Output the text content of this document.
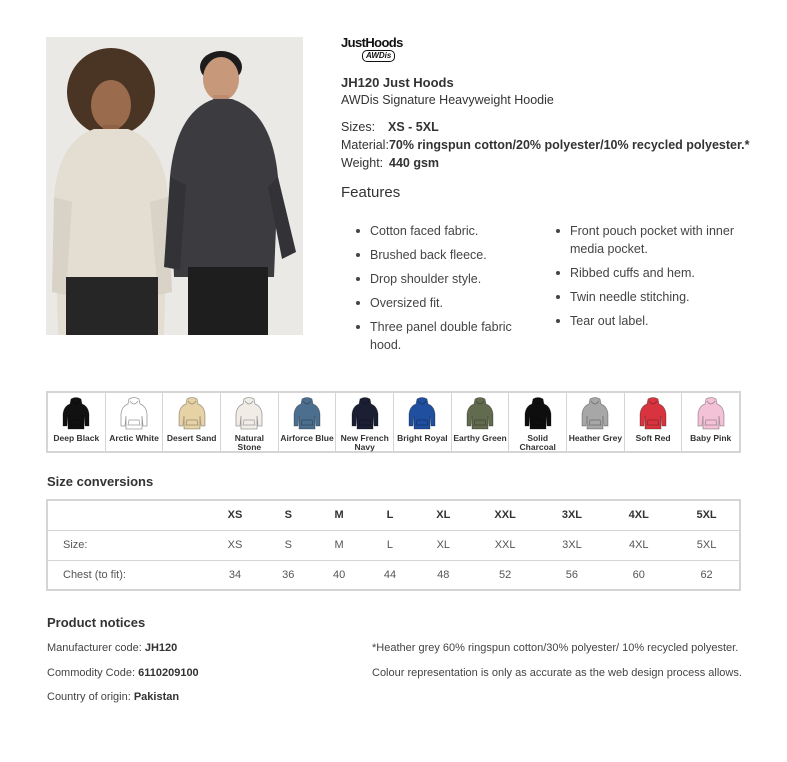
JustHoods
AWDis
JH120 Just Hoods
AWDis Signature Heavyweight Hoodie
Sizes: XS - 5XL
Material:70% ringspun cotton/20% polyester/10% recycled polyester.*
Weight: 440 gsm
Features
Cotton faced fabric.
Brushed back fleece.
Drop shoulder style.
Oversized fit.
Three panel double fabric hood.
Front pouch pocket with inner media pocket.
Ribbed cuffs and hem.
Twin needle stitching.
Tear out label.
Deep Black	Arctic White Desert Sand	Natural Stone
Airforce Blue New French Navy
Bright Royal Earthy Green	Solid Charcoal
Heather Grey	Soft Red	Baby Pink
Size conversions
	XS	S	M	L	XL	XXL	3XL	4XL	5XL
Size:	XS	S	M	L	XL	XXL	3XL	4XL	5XL
Chest (to fit):	34	36	40	44	48	52	56	60	62
Product notices
Manufacturer code: JH120
Commodity Code: 6110209100
Country of origin: Pakistan
*Heather grey 60% ringspun cotton/30% polyester/ 10% recycled polyester.
Colour representation is only as accurate as the web design process allows.
